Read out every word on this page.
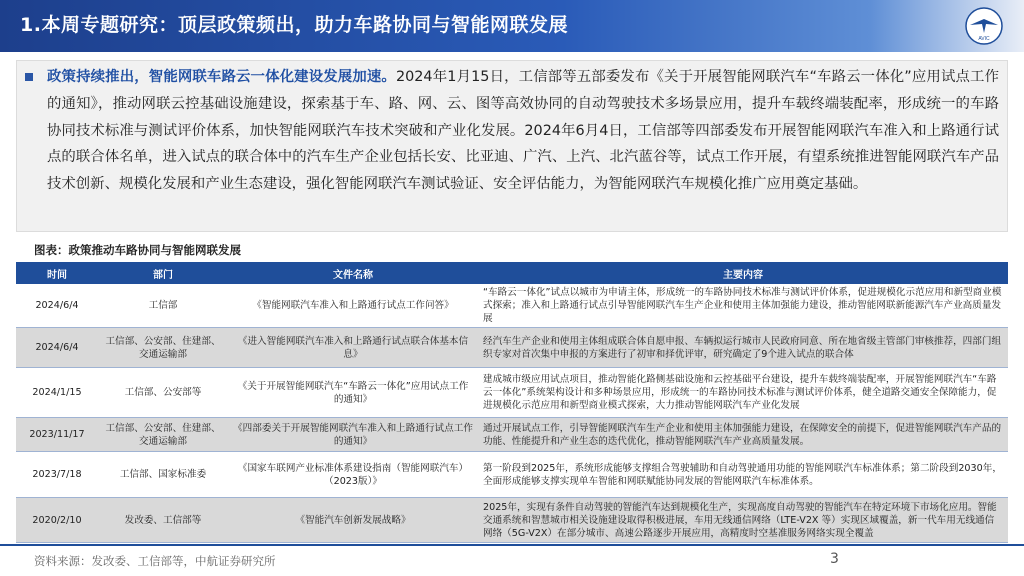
1.本周专题研究：顶层政策频出，助力车路协同与智能网联发展
AVIC
政策持续推出，智能网联车路云一体化建设发展加速。2024年1月15日，工信部等五部委发布《关于开展智能网联汽车“车路云一体化”应用试点工作的通知》，推动网联云控基础设施建设，探索基于车、路、网、云、图等高效协同的自动驾驶技术多场景应用，提升车载终端装配率，形成统一的车路协同技术标准与测试评价体系，加快智能网联汽车技术突破和产业化发展。2024年6月4日，工信部等四部委发布开展智能网联汽车准入和上路通行试点的联合体名单，进入试点的联合体中的汽车生产企业包括长安、比亚迪、广汽、上汽、北汽蓝谷等，试点工作开展，有望系统推进智能网联汽车产品技术创新、规模化发展和产业生态建设，强化智能网联汽车测试验证、安全评估能力，为智能网联汽车规模化推广应用奠定基础。
图表：政策推动车路协同与智能网联发展
时间	部门	文件名称	主要内容
2024/6/4	工信部	《智能网联汽车准入和上路通行试点工作问答》	“车路云一体化”试点以城市为申请主体，形成统一的车路协同技术标准与测试评价体系，促进规模化示范应用和新型商业模式探索；准入和上路通行试点引导智能网联汽车生产企业和使用主体加强能力建设，推动智能网联新能源汽车产业高质量发展
2024/6/4	工信部、公安部、住建部、交通运输部	《进入智能网联汽车准入和上路通行试点联合体基本信息》	经汽车生产企业和使用主体组成联合体自愿申报、车辆拟运行城市人民政府同意、所在地省级主管部门审核推荐，四部门组织专家对首次集中申报的方案进行了初审和择优评审，研究确定了9个进入试点的联合体
2024/1/15	工信部、公安部等	《关于开展智能网联汽车“车路云一体化”应用试点工作的通知》	建成城市级应用试点项目，推动智能化路侧基础设施和云控基础平台建设，提升车载终端装配率，开展智能网联汽车“车路云一体化”系统架构设计和多种场景应用，形成统一的车路协同技术标准与测试评价体系，健全道路交通安全保障能力，促进规模化示范应用和新型商业模式探索，大力推动智能网联汽车产业化发展
2023/11/17	工信部、公安部、住建部、交通运输部	《四部委关于开展智能网联汽车准入和上路通行试点工作的通知》	通过开展试点工作，引导智能网联汽车生产企业和使用主体加强能力建设，在保障安全的前提下，促进智能网联汽车产品的功能、性能提升和产业生态的迭代优化，推动智能网联汽车产业高质量发展。
2023/7/18	工信部、国家标准委	《国家车联网产业标准体系建设指南（智能网联汽车）（2023版）》	第一阶段到2025年，系统形成能够支撑组合驾驶辅助和自动驾驶通用功能的智能网联汽车标准体系；第二阶段到2030年，全面形成能够支撑实现单车智能和网联赋能协同发展的智能网联汽车标准体系。
2020/2/10	发改委、工信部等	《智能汽车创新发展战略》	2025年，实现有条件自动驾驶的智能汽车达到规模化生产，实现高度自动驾驶的智能汽车在特定环境下市场化应用。智能交通系统和智慧城市相关设施建设取得积极进展，车用无线通信网络（LTE-V2X 等）实现区域覆盖，新一代车用无线通信网络（5G-V2X）在部分城市、高速公路逐步开展应用，高精度时空基准服务网络实现全覆盖
资料来源：发改委、工信部等，中航证券研究所	3
